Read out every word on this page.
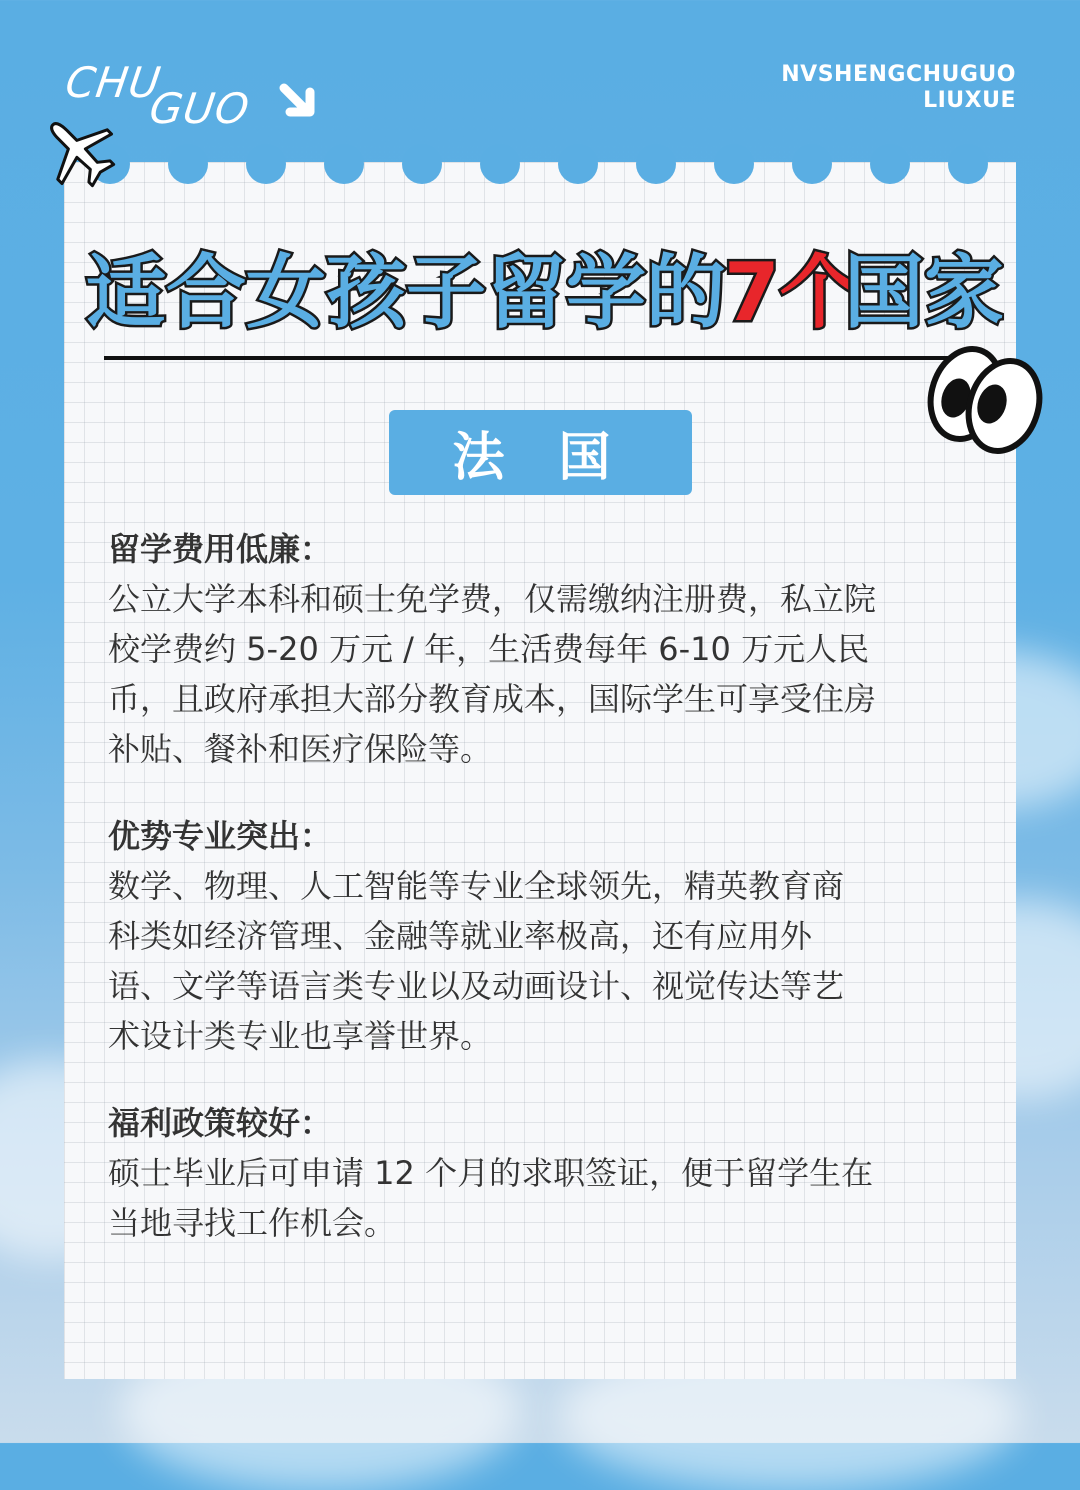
CHU
GUO
NVSHENGCHUGUO
LIUXUE
适合女孩子留学的
7个
国家
法 国
留学费用低廉：
公立大学本科和硕士免学费，仅需缴纳注册费，私立院
校学费约 5-20 万元 / 年，生活费每年 6-10 万元人民
币，且政府承担大部分教育成本，国际学生可享受住房
补贴、餐补和医疗保险等。
优势专业突出：
数学、物理、人工智能等专业全球领先，精英教育商
科类如经济管理、金融等就业率极高，还有应用外
语、文学等语言类专业以及动画设计、视觉传达等艺
术设计类专业也享誉世界。
福利政策较好：
硕士毕业后可申请 12 个月的求职签证，便于留学生在
当地寻找工作机会。
